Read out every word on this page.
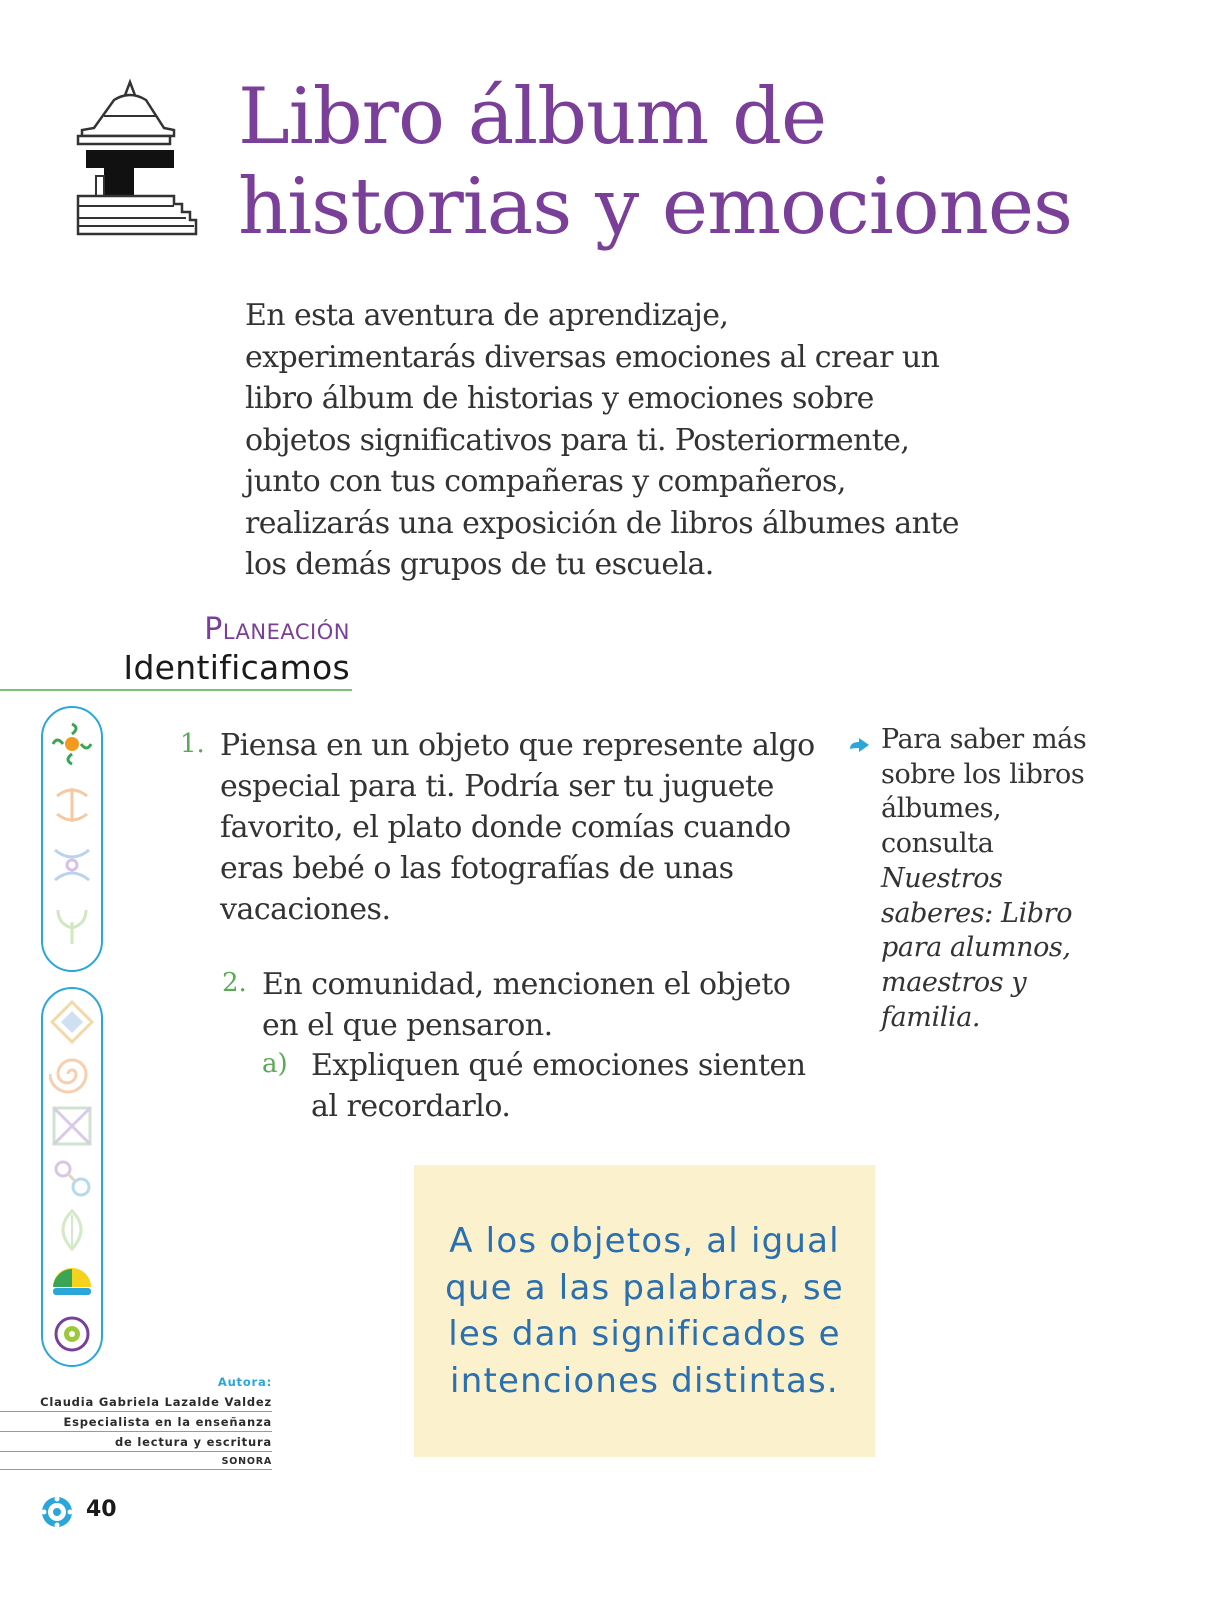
Libro álbum de
historias y emociones

En esta aventura de aprendizaje, experimentarás diversas emociones al crear un libro álbum de historias y emociones sobre objetos significativos para ti. Posteriormente, junto con tus compañeras y compañeros, realizarás una exposición de libros álbumes ante los demás grupos de tu escuela.

Planeación
Identificamos
1. Piensa en un objeto que represente algo especial para ti. Podría ser tu juguete favorito, el plato donde comías cuando eras bebé o las fotografías de unas vacaciones.
2. En comunidad, mencionen el objeto en el que pensaron.
a) Expliquen qué emociones sienten al recordarlo.
Para saber más sobre los libros álbumes, consulta Nuestros saberes: Libro para alumnos, maestros y familia.
A los objetos, al igual que a las palabras, se les dan significados e intenciones distintas.
Autora:
Claudia Gabriela Lazalde Valdez
Especialista en la enseñanza
de lectura y escritura
SONORA
40
